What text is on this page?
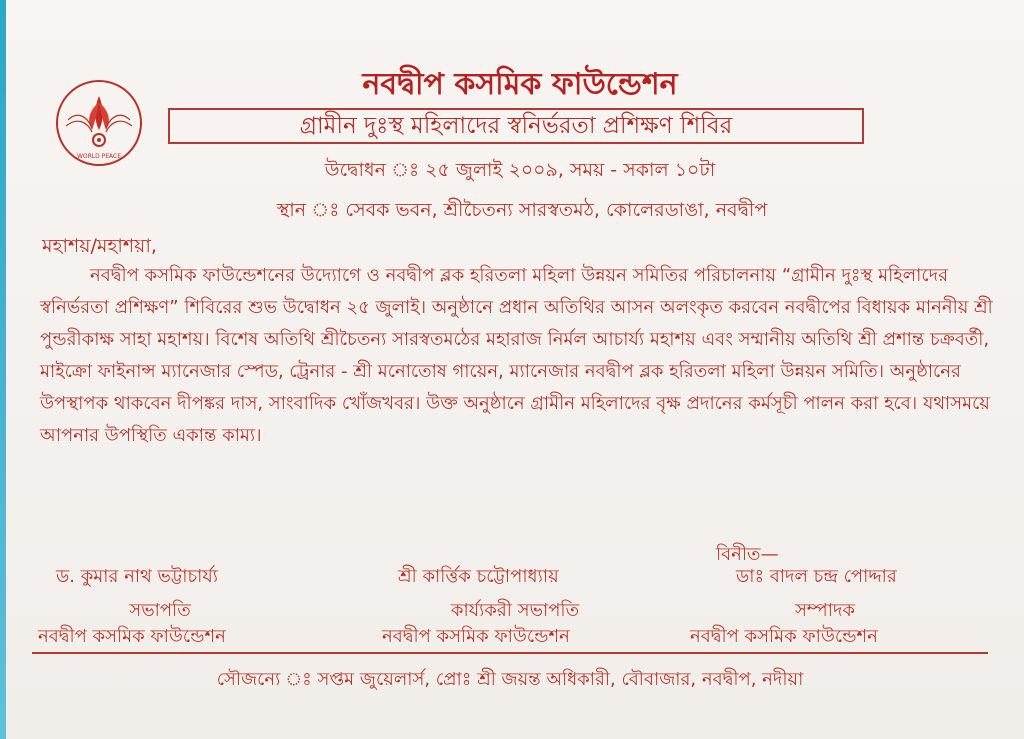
WORLD PEACE
নবদ্বীপ কসমিক ফাউন্ডেশন
গ্রামীন দুঃস্থ মহিলাদের স্বনির্ভরতা প্রশিক্ষণ শিবির
উদ্বোধন ঃ ২৫ জুলাই ২০০৯, সময় - সকাল ১০টা
স্থান ঃ সেবক ভবন, শ্রীচৈতন্য সারস্বতমঠ, কোলেরডাঙা, নবদ্বীপ
মহাশয়/মহাশয়া,

নবদ্বীপ কসমিক ফাউন্ডেশনের উদ্যোগে ও নবদ্বীপ ব্লক হরিতলা মহিলা উন্নয়ন সমিতির পরিচালনায় “গ্রামীন দুঃস্থ মহিলাদের স্বনির্ভরতা প্রশিক্ষণ” শিবিরের শুভ উদ্বোধন ২৫ জুলাই। অনুষ্ঠানে প্রধান অতিথির আসন অলংকৃত করবেন নবদ্বীপের বিধায়ক মাননীয় শ্রী পুন্ডরীকাক্ষ সাহা মহাশয়। বিশেষ অতিথি শ্রীচৈতন্য সারস্বতমঠের মহারাজ নির্মল আচার্য্য মহাশয় এবং সম্মানীয় অতিথি শ্রী প্রশান্ত চক্রবর্তী, মাইক্রো ফাইনান্স ম্যানেজার স্পেড, ট্রেনার - শ্রী মনোতোষ গায়েন, ম্যানেজার নবদ্বীপ ব্লক হরিতলা মহিলা উন্নয়ন সমিতি। অনুষ্ঠানের উপস্থাপক থাকবেন দীপঙ্কর দাস, সাংবাদিক খোঁজখবর। উক্ত অনুষ্ঠানে গ্রামীন মহিলাদের বৃক্ষ প্রদানের কর্মসূচী পালন করা হবে। যথাসময়ে আপনার উপস্থিতি একান্ত কাম্য।

বিনীত—
ড. কুমার নাথ ভট্টাচার্য্য	শ্রী কার্ত্তিক চট্টোপাধ্যায়	ডাঃ বাদল চন্দ্র পোদ্দার
সভাপতি	কার্য্যকরী সভাপতি	সম্পাদক
নবদ্বীপ কসমিক ফাউন্ডেশন	নবদ্বীপ কসমিক ফাউন্ডেশন	নবদ্বীপ কসমিক ফাউন্ডেশন
সৌজন্যে ঃ সপ্তম জুয়েলার্স, প্রোঃ শ্রী জয়ন্ত অধিকারী, বৌবাজার, নবদ্বীপ, নদীয়া
